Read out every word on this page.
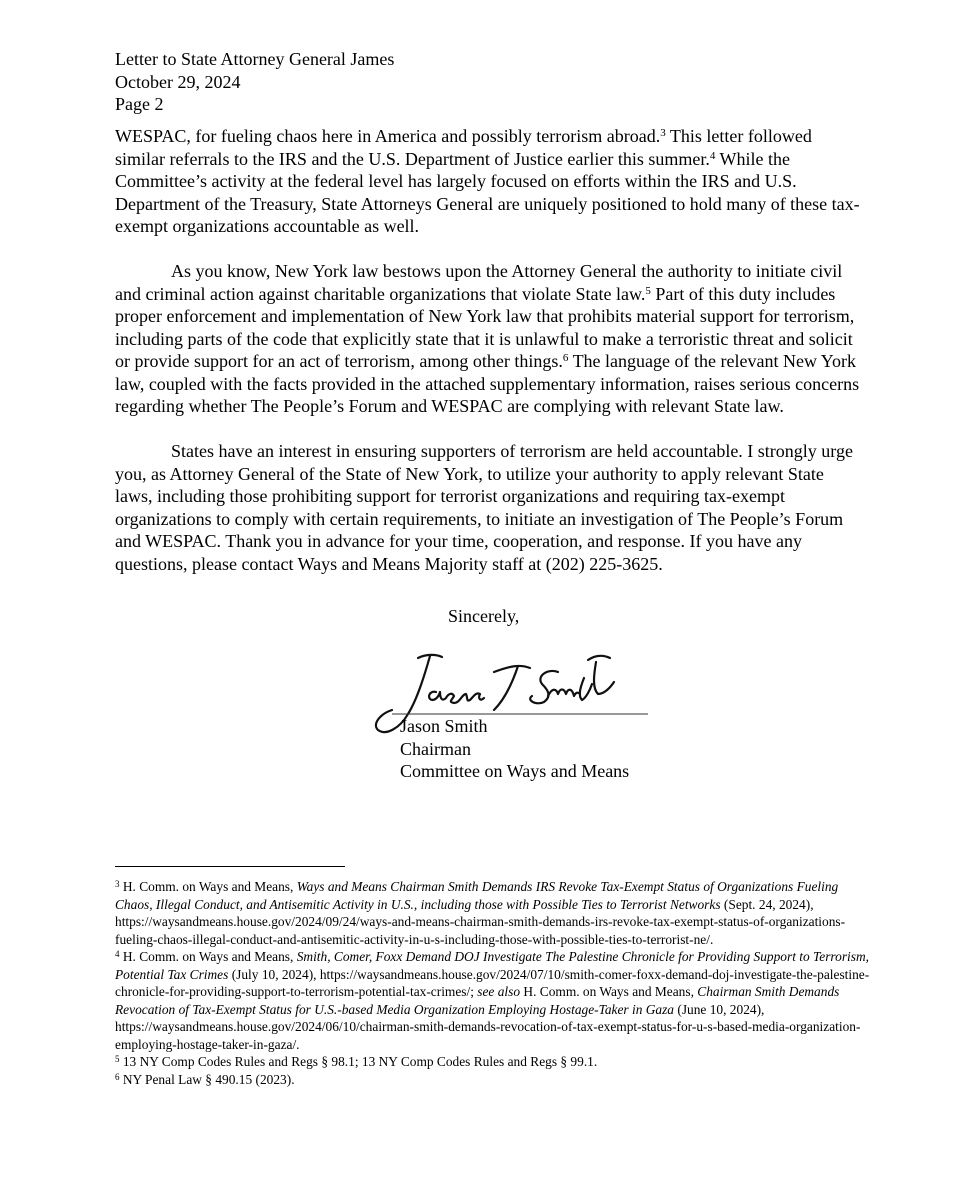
Letter to State Attorney General James
October 29, 2024
Page 2

WESPAC, for fueling chaos here in America and possibly terrorism abroad.$^3$ This letter followed similar referrals to the IRS and the U.S. Department of Justice earlier this summer.$^4$ While the Committee’s activity at the federal level has largely focused on efforts within the IRS and U.S. Department of the Treasury, State Attorneys General are uniquely positioned to hold many of these tax-exempt organizations accountable as well.

As you know, New York law bestows upon the Attorney General the authority to initiate civil and criminal action against charitable organizations that violate State law.$^5$ Part of this duty includes proper enforcement and implementation of New York law that prohibits material support for terrorism, including parts of the code that explicitly state that it is unlawful to make a terroristic threat and solicit or provide support for an act of terrorism, among other things.$^6$ The language of the relevant New York law, coupled with the facts provided in the attached supplementary information, raises serious concerns regarding whether The People’s Forum and WESPAC are complying with relevant State law.

States have an interest in ensuring supporters of terrorism are held accountable. I strongly urge you, as Attorney General of the State of New York, to utilize your authority to apply relevant State laws, including those prohibiting support for terrorist organizations and requiring tax-exempt organizations to comply with certain requirements, to initiate an investigation of The People’s Forum and WESPAC. Thank you in advance for your time, cooperation, and response. If you have any questions, please contact Ways and Means Majority staff at (202) 225-3625.

Sincerely,
Jason Smith
Chairman
Committee on Ways and Means

$^3$ H. Comm. on Ways and Means, Ways and Means Chairman Smith Demands IRS Revoke Tax-Exempt Status of Organizations Fueling Chaos, Illegal Conduct, and Antisemitic Activity in U.S., including those with Possible Ties to Terrorist Networks (Sept. 24, 2024), https://waysandmeans.house.gov/2024/09/24/ways-and-means-chairman-smith-demands-irs-revoke-tax-exempt-status-of-organizations-fueling-chaos-illegal-conduct-and-antisemitic-activity-in-u-s-including-those-with-possible-ties-to-terrorist-ne/.

$^4$ H. Comm. on Ways and Means, Smith, Comer, Foxx Demand DOJ Investigate The Palestine Chronicle for Providing Support to Terrorism, Potential Tax Crimes (July 10, 2024), https://waysandmeans.house.gov/2024/07/10/smith-comer-foxx-demand-doj-investigate-the-palestine-chronicle-for-providing-support-to-terrorism-potential-tax-crimes/; see also H. Comm. on Ways and Means, Chairman Smith Demands Revocation of Tax-Exempt Status for U.S.-based Media Organization Employing Hostage-Taker in Gaza (June 10, 2024), https://waysandmeans.house.gov/2024/06/10/chairman-smith-demands-revocation-of-tax-exempt-status-for-u-s-based-media-organization-employing-hostage-taker-in-gaza/.

$^5$ 13 NY Comp Codes Rules and Regs § 98.1; 13 NY Comp Codes Rules and Regs § 99.1.

$^6$ NY Penal Law § 490.15 (2023).
